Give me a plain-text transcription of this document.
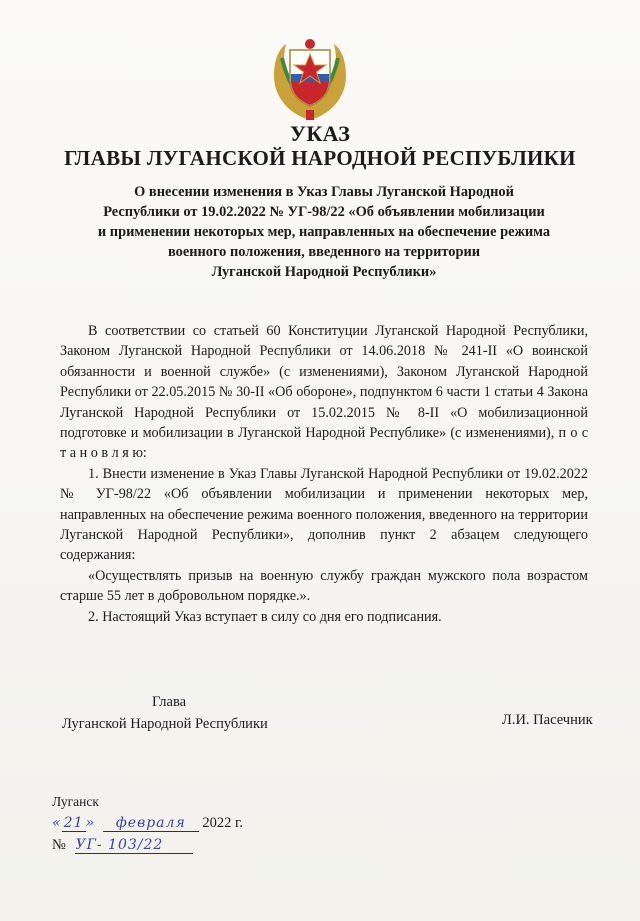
УКАЗ
ГЛАВЫ ЛУГАНСКОЙ НАРОДНОЙ РЕСПУБЛИКИ
О внесении изменения в Указ Главы Луганской Народной
Республики от 19.02.2022 № УГ-98/22 «Об объявлении мобилизации
и применении некоторых мер, направленных на обеспечение режима
военного положения, введенного на территории
Луганской Народной Республики»

В соответствии со статьей 60 Конституции Луганской Народной Республики, Законом Луганской Народной Республики от 14.06.2018 № 241-II «О воинской обязанности и военной службе» (с изменениями), Законом Луганской Народной Республики от 22.05.2015 № 30-II «Об обороне», подпунктом 6 части 1 статьи 4 Закона Луганской Народной Республики от 15.02.2015 № 8-II «О мобилизационной подготовке и мобилизации в Луганской Народной Республике» (с изменениями), п о с т а н о в л я ю:

1. Внести изменение в Указ Главы Луганской Народной Республики от 19.02.2022 № УГ-98/22 «Об объявлении мобилизации и применении некоторых мер, направленных на обеспечение режима военного положения, введенного на территории Луганской Народной Республики», дополнив пункт 2 абзацем следующего содержания:

«Осуществлять призыв на военную службу граждан мужского пола возрастом старше 55 лет в добровольном порядке.».

2. Настоящий Указ вступает в силу со дня его подписания.

Глава
Луганской Народной Республики	Л.И. Пасечник
Луганск
« 21 » февраля 2022 г.
№ УГ- 103/22
